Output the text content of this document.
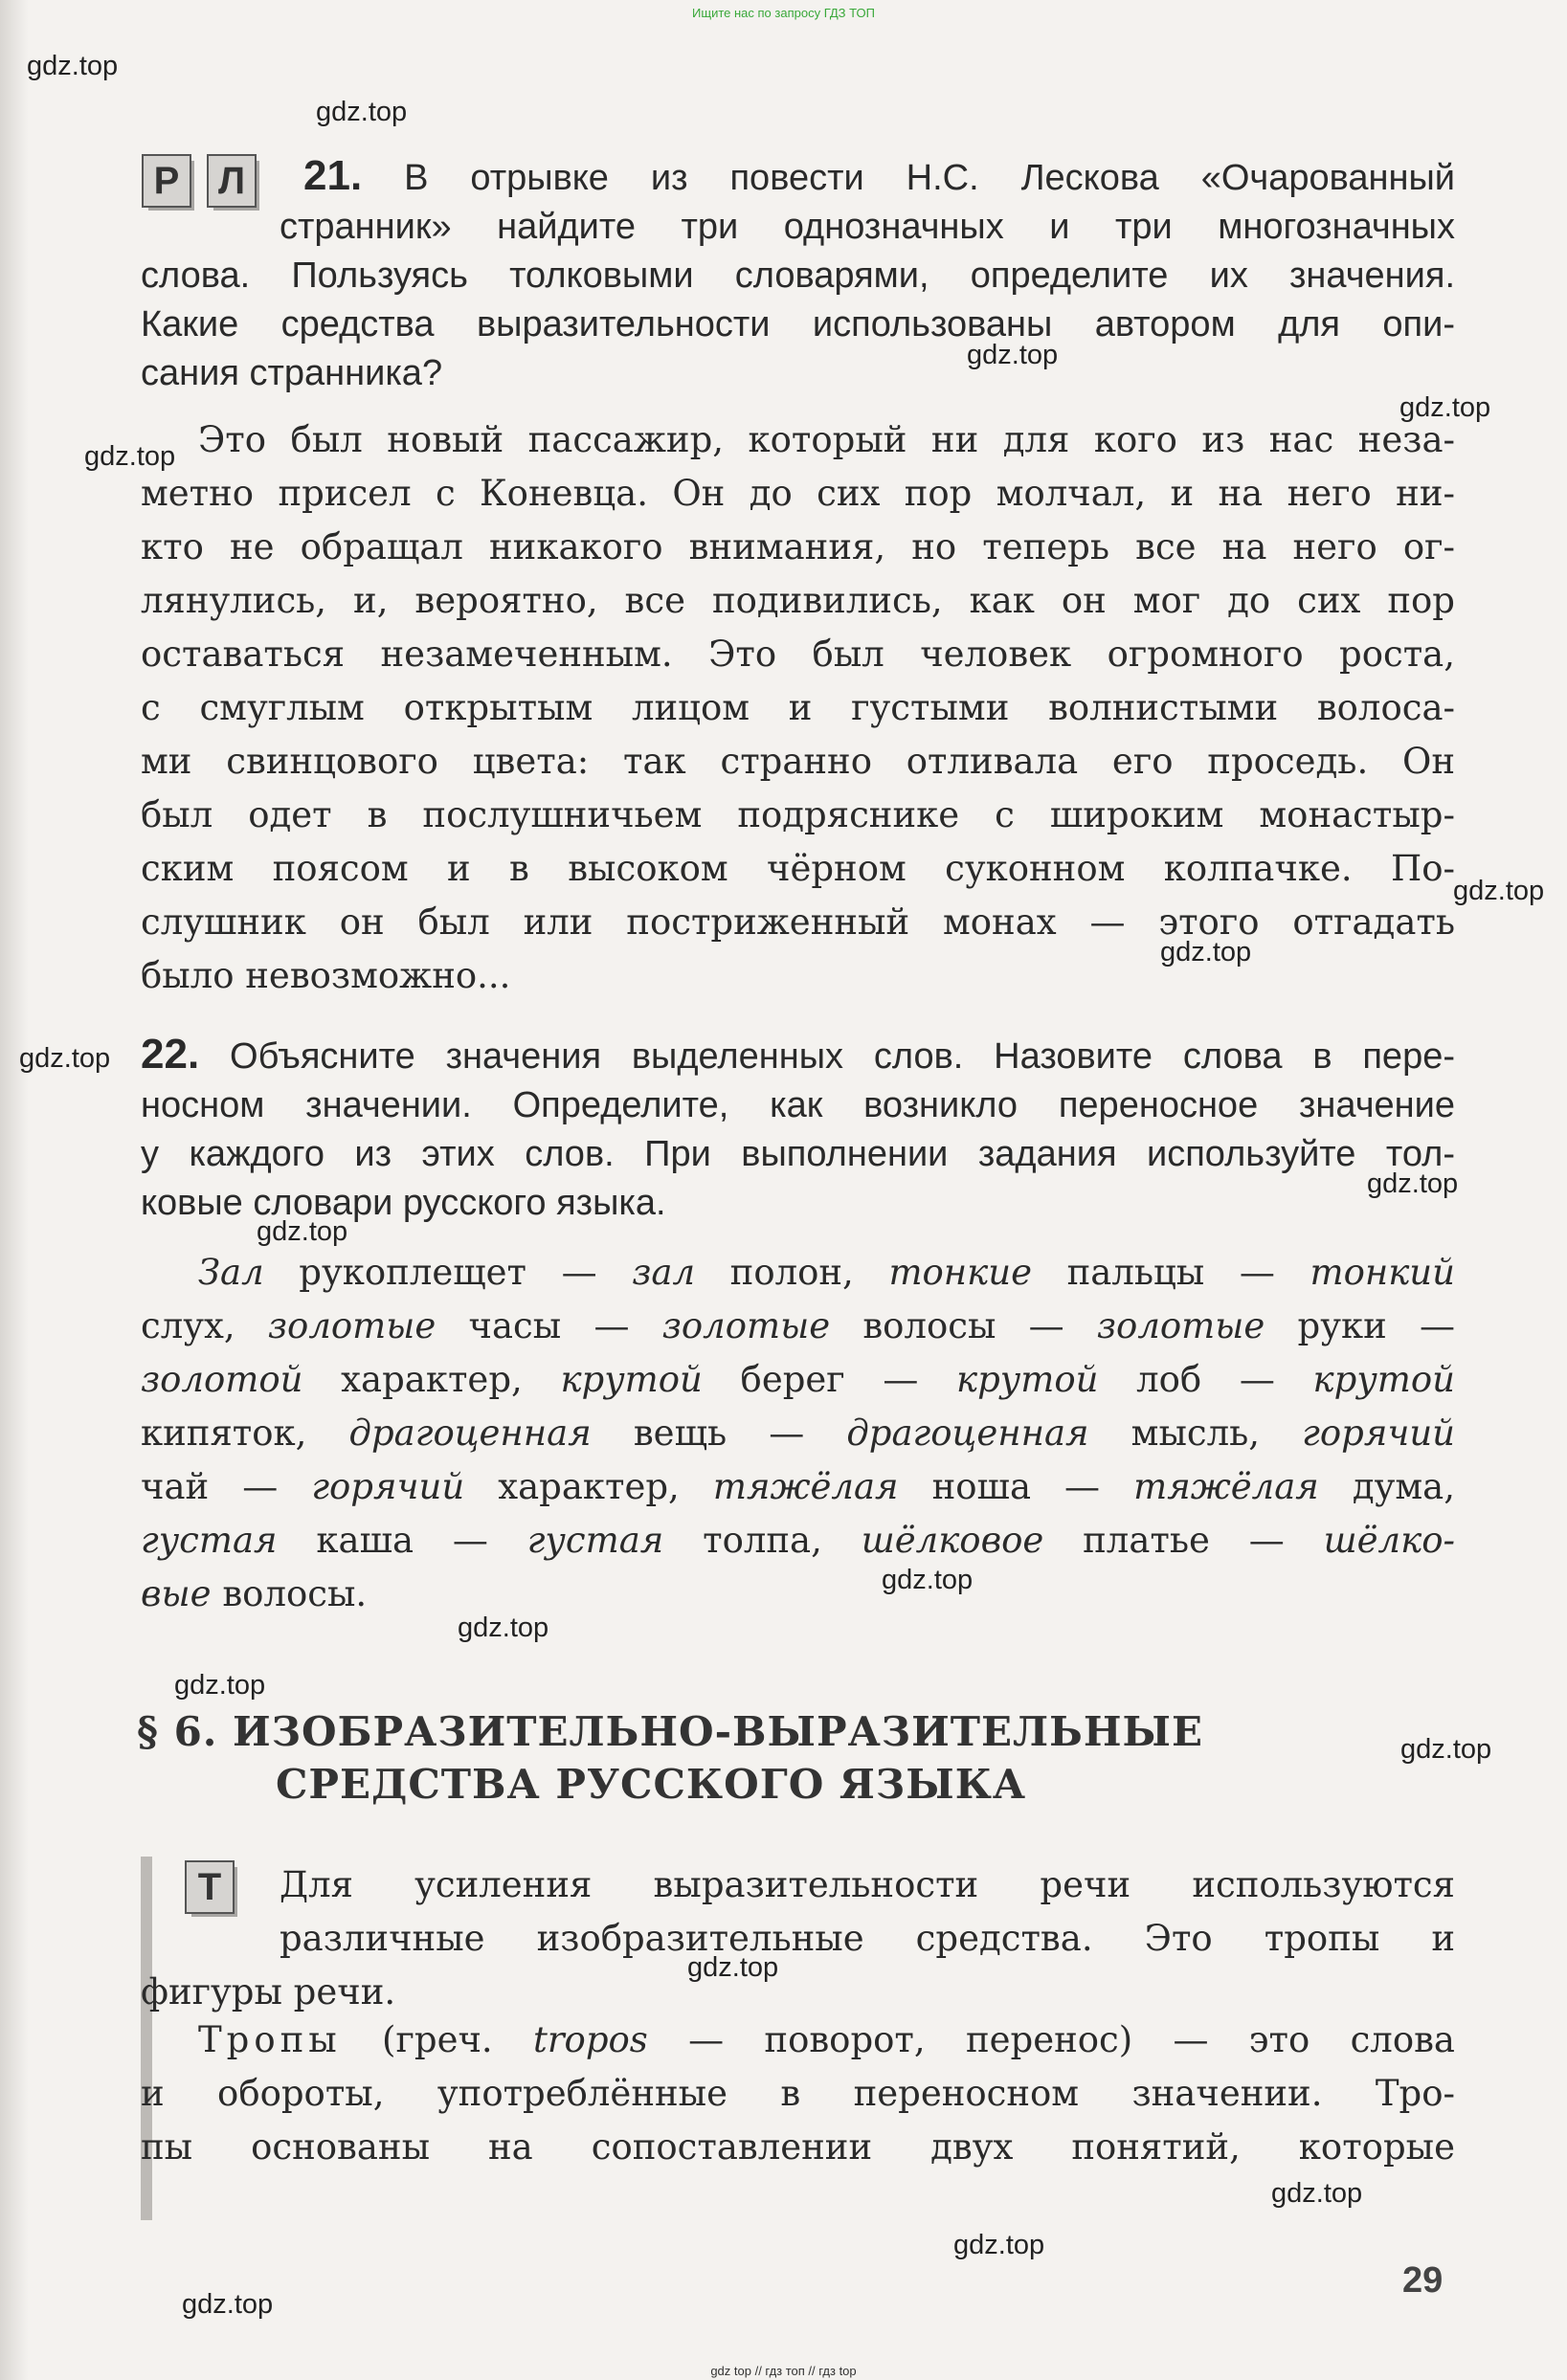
Ищите нас по запросу ГДЗ ТОП
gdz.top
gdz.top
gdz.top
gdz.top
gdz.top
gdz.top
gdz.top
gdz.top
gdz.top
gdz.top
gdz.top
gdz.top
gdz.top
gdz.top
gdz.top
gdz.top
gdz.top
gdz.top
Р	Л	21. В отрывке из повести Н.С. Лескова «Очарованный
странник» найдите три однозначных и три многозначных
слова. Пользуясь толковыми словарями, определите их значения.
Какие средства выразительности использованы автором для опи-
сания странника?
Это был новый пассажир, который ни для кого из нас неза-
метно присел с Коневца. Он до сих пор молчал, и на него ни-
кто не обращал никакого внимания, но теперь все на него ог-
лянулись, и, вероятно, все подивились, как он мог до сих пор
оставаться незамеченным. Это был человек огромного роста,
с смуглым открытым лицом и густыми волнистыми волоса-
ми свинцового цвета: так странно отливала его проседь. Он
был одет в послушничьем подряснике с широким монастыр-
ским поясом и в высоком чёрном суконном колпачке. По-
слушник он был или постриженный монах — этого отгадать
было невозможно...
22. Объясните значения выделенных слов. Назовите слова в пере-
носном значении. Определите, как возникло переносное значение
у каждого из этих слов. При выполнении задания используйте тол-
ковые словари русского языка.
Зал рукоплещет — зал полон, тонкие пальцы — тонкий
слух, золотые часы — золотые волосы — золотые руки —
золотой характер, крутой берег — крутой лоб — крутой
кипяток, драгоценная вещь — драгоценная мысль, горячий
чай — горячий характер, тяжёлая ноша — тяжёлая дума,
густая каша — густая толпа, шёлковое платье — шёлко-
вые волосы.
§ 6. ИЗОБРАЗИТЕЛЬНО-ВЫРАЗИТЕЛЬНЫЕ
СРЕДСТВА РУССКОГО ЯЗЫКА
Т	Для усиления выразительности речи используются
различные изобразительные средства. Это тропы и
фигуры речи.
Тропы (греч. tropos — поворот, перенос) — это слова
и обороты, употреблённые в переносном значении. Тро-
пы основаны на сопоставлении двух понятий, которые
29
gdz top // гдз топ // гдз top
